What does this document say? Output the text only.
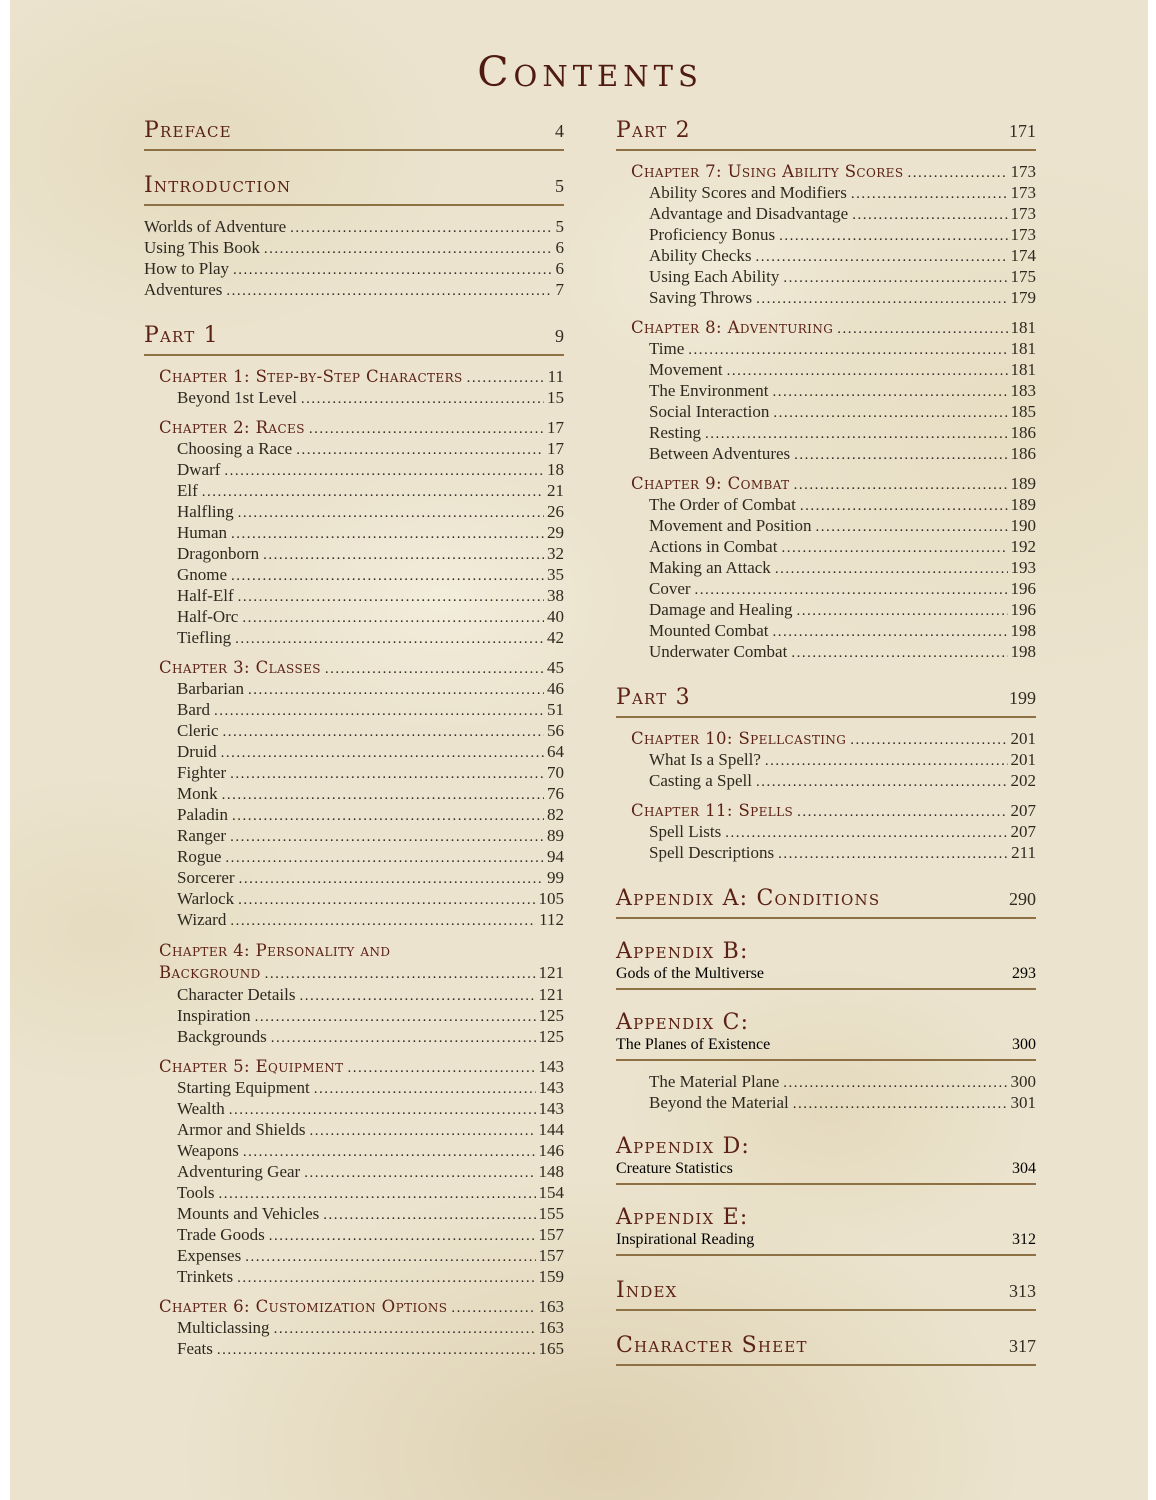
Contents
Preface	4
Introduction	5
Worlds of Adventure .....	5
Using This Book .....	6
How to Play .....	6
Adventures .....	7
Part 1	9
Chapter 1: Step-by-Step Characters .....	11
Beyond 1st Level .....	15
Chapter 2: Races .....	17
Choosing a Race .....	17
Dwarf .....	18
Elf .....	21
Halfling .....	26
Human .....	29
Dragonborn .....	32
Gnome .....	35
Half-Elf .....	38
Half-Orc .....	40
Tiefling .....	42
Chapter 3: Classes .....	45
Barbarian .....	46
Bard .....	51
Cleric .....	56
Druid .....	64
Fighter .....	70
Monk .....	76
Paladin .....	82
Ranger .....	89
Rogue .....	94
Sorcerer .....	99
Warlock .....	105
Wizard .....	112
Chapter 4: Personality and
Background .....	121
Character Details .....	121
Inspiration .....	125
Backgrounds .....	125
Chapter 5: Equipment .....	143
Starting Equipment .....	143
Wealth .....	143
Armor and Shields .....	144
Weapons .....	146
Adventuring Gear .....	148
Tools .....	154
Mounts and Vehicles .....	155
Trade Goods .....	157
Expenses .....	157
Trinkets .....	159
Chapter 6: Customization Options .....	163
Multiclassing .....	163
Feats .....	165
Part 2	171
Chapter 7: Using Ability Scores .....	173
Ability Scores and Modifiers .....	173
Advantage and Disadvantage .....	173
Proficiency Bonus .....	173
Ability Checks .....	174
Using Each Ability .....	175
Saving Throws .....	179
Chapter 8: Adventuring .....	181
Time .....	181
Movement .....	181
The Environment .....	183
Social Interaction .....	185
Resting .....	186
Between Adventures .....	186
Chapter 9: Combat .....	189
The Order of Combat .....	189
Movement and Position .....	190
Actions in Combat .....	192
Making an Attack .....	193
Cover .....	196
Damage and Healing .....	196
Mounted Combat .....	198
Underwater Combat .....	198
Part 3	199
Chapter 10: Spellcasting .....	201
What Is a Spell? .....	201
Casting a Spell .....	202
Chapter 11: Spells .....	207
Spell Lists .....	207
Spell Descriptions .....	211
Appendix A: Conditions	290
Appendix B:
Gods of the Multiverse	293
Appendix C:
The Planes of Existence	300
The Material Plane .....	300
Beyond the Material .....	301
Appendix D:
Creature Statistics	304
Appendix E:
Inspirational Reading	312
Index	313
Character Sheet	317
